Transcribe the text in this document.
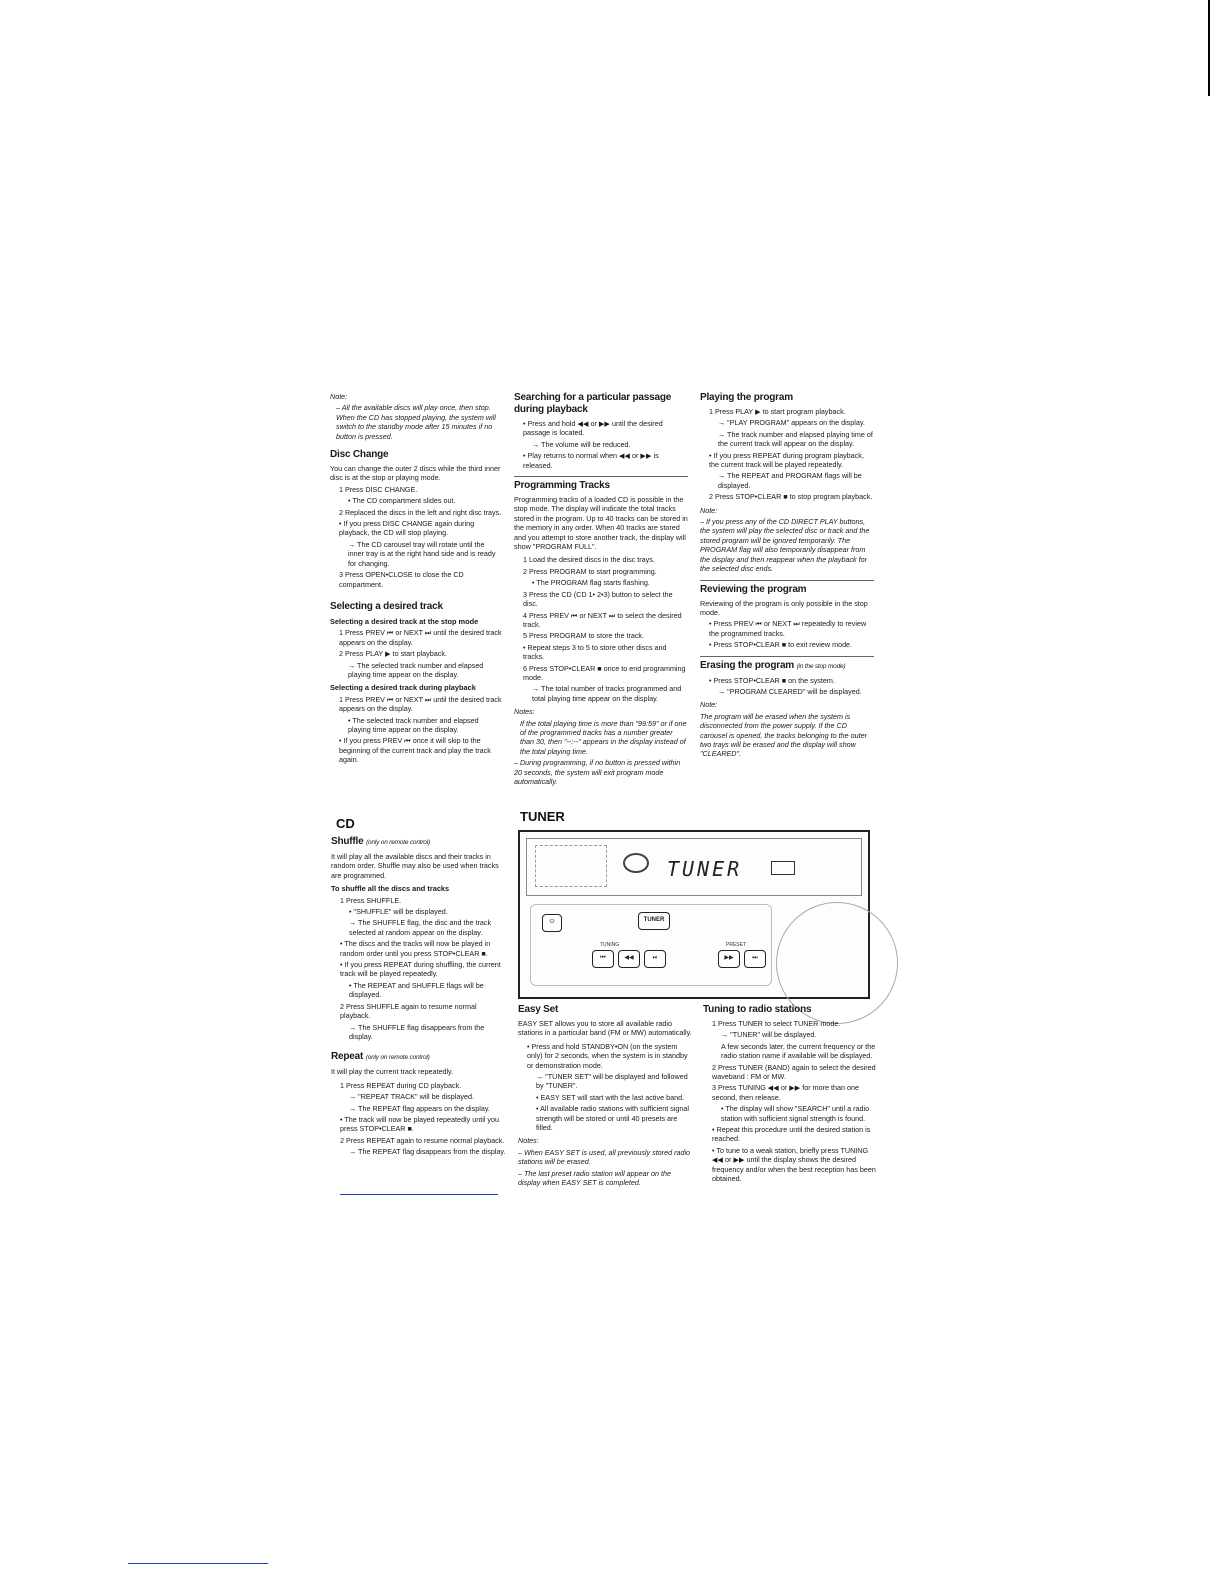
Note:

– All the available discs will play once, then stop. When the CD has stopped playing, the system will switch to the standby mode after 15 minutes if no button is pressed.

Disc Change

You can change the outer 2 discs while the third inner disc is at the stop or playing mode.

1 Press DISC CHANGE.

• The CD compartment slides out.

2 Replaced the discs in the left and right disc trays.

• If you press DISC CHANGE again during playback, the CD will stop playing.

→ The CD carousel tray will rotate until the inner tray is at the right hand side and is ready for changing.

3 Press OPEN•CLOSE to close the CD compartment.

Selecting a desired track
Selecting a desired track at the stop mode

1 Press PREV ⏮ or NEXT ⏭ until the desired track appears on the display.

2 Press PLAY ▶ to start playback.

→ The selected track number and elapsed playing time appear on the display.

Selecting a desired track during playback

1 Press PREV ⏮ or NEXT ⏭ until the desired track appears on the display.

• The selected track number and elapsed playing time appear on the display.

• If you press PREV ⏮ once it will skip to the beginning of the current track and play the track again.

Searching for a particular passage during playback

• Press and hold ◀◀ or ▶▶ until the desired passage is located.

→ The volume will be reduced.

• Play returns to normal when ◀◀ or ▶▶ is released.

Programming Tracks

Programming tracks of a loaded CD is possible in the stop mode. The display will indicate the total tracks stored in the program. Up to 40 tracks can be stored in the memory in any order. When 40 tracks are stored and you attempt to store another track, the display will show "PROGRAM FULL".

1 Load the desired discs in the disc trays.

2 Press PROGRAM to start programming.

• The PROGRAM flag starts flashing.

3 Press the CD (CD 1• 2•3) button to select the disc.

4 Press PREV ⏮ or NEXT ⏭ to select the desired track.

5 Press PROGRAM to store the track.

• Repeat steps 3 to 5 to store other discs and tracks.

6 Press STOP•CLEAR ■ once to end programming mode.

→ The total number of tracks programmed and total playing time appear on the display.

Notes:

If the total playing time is more than "99:59" or if one of the programmed tracks has a number greater than 30, then "--:--" appears in the display instead of the total playing time.

– During programming, if no button is pressed within 20 seconds, the system will exit program mode automatically.

Playing the program

1 Press PLAY ▶ to start program playback.

→ "PLAY PROGRAM" appears on the display.

→ The track number and elapsed playing time of the current track will appear on the display.

• If you press REPEAT during program playback, the current track will be played repeatedly.

→ The REPEAT and PROGRAM flags will be displayed.

2 Press STOP•CLEAR ■ to stop program playback.

Note:

– If you press any of the CD DIRECT PLAY buttons, the system will play the selected disc or track and the stored program will be ignored temporarily. The PROGRAM flag will also temporarily disappear from the display and then reappear when the playback for the selected disc ends.

Reviewing the program

Reviewing of the program is only possible in the stop mode.

• Press PREV ⏮ or NEXT ⏭ repeatedly to review the programmed tracks.

• Press STOP•CLEAR ■ to exit review mode.

Erasing the program (in the stop mode)

• Press STOP•CLEAR ■ on the system.

→ "PROGRAM CLEARED" will be displayed.

Note:

The program will be erased when the system is disconnected from the power supply. If the CD carousel is opened, the tracks belonging to the outer two trays will be erased and the display will show "CLEARED".

CD	TUNER
Shuffle (only on remote control)

It will play all the available discs and their tracks in random order. Shuffle may also be used when tracks are programmed.

To shuffle all the discs and tracks

1 Press SHUFFLE.

• "SHUFFLE" will be displayed.

→ The SHUFFLE flag, the disc and the track selected at random appear on the display.

• The discs and the tracks will now be played in random order until you press STOP•CLEAR ■.

• If you press REPEAT during shuffling, the current track will be played repeatedly.

• The REPEAT and SHUFFLE flags will be displayed.

2 Press SHUFFLE again to resume normal playback.

→ The SHUFFLE flag disappears from the display.

Repeat (only on remote control)

It will play the current track repeatedly.

1 Press REPEAT during CD playback.

→ "REPEAT TRACK" will be displayed.

→ The REPEAT flag appears on the display.

• The track will now be played repeatedly until you press STOP•CLEAR ■.

2 Press REPEAT again to resume normal playback.

→ The REPEAT flag disappears from the display.

TUNER
⏻	TUNER
TUNING
⏮	◀◀	⏯
PRESET
▶▶	⏭
Easy Set

EASY SET allows you to store all available radio stations in a particular band (FM or MW) automatically.

• Press and hold STANDBY•ON (on the system only) for 2 seconds, when the system is in standby or demonstration mode.

→ "TUNER SET" will be displayed and followed by "TUNER".

• EASY SET will start with the last active band.

• All available radio stations with sufficient signal strength will be stored or until 40 presets are filled.

Notes:

– When EASY SET is used, all previously stored radio stations will be erased.

– The last preset radio station will appear on the display when EASY SET is completed.

Tuning to radio stations

1 Press TUNER to select TUNER mode.

→ "TUNER" will be displayed.

A few seconds later, the current frequency or the radio station name if available will be displayed.

2 Press TUNER (BAND) again to select the desired waveband : FM or MW.

3 Press TUNING ◀◀ or ▶▶ for more than one second, then release.

• The display will show "SEARCH" until a radio station with sufficient signal strength is found.

• Repeat this procedure until the desired station is reached.

• To tune to a weak station, briefly press TUNING ◀◀ or ▶▶ until the display shows the desired frequency and/or when the best reception has been obtained.
